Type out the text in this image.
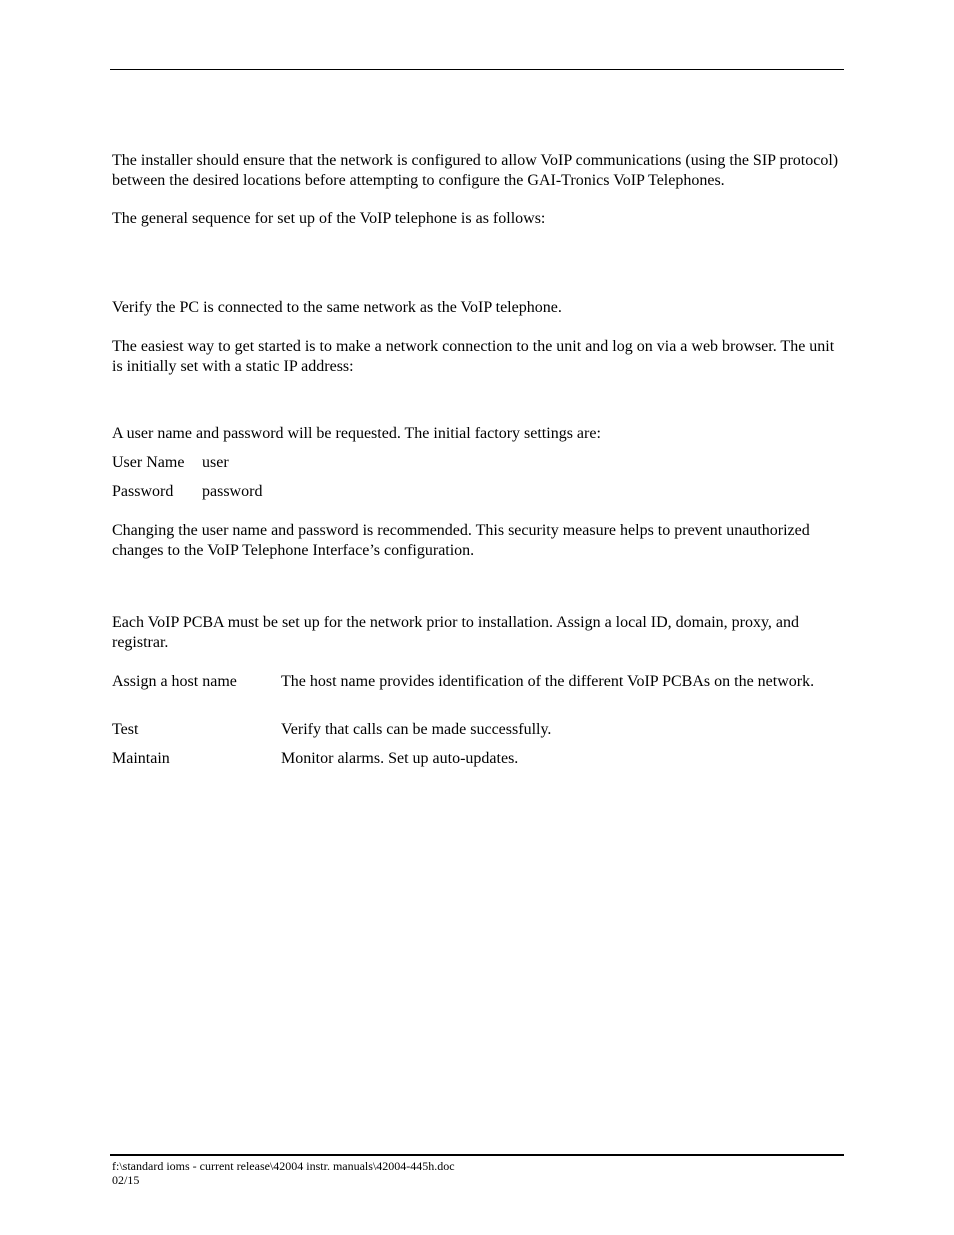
The installer should ensure that the network is configured to allow VoIP communications (using the SIP protocol) between the desired locations before attempting to configure the GAI-Tronics VoIP Telephones.
The general sequence for set up of the VoIP telephone is as follows:
Verify the PC is connected to the same network as the VoIP telephone.
The easiest way to get started is to make a network connection to the unit and log on via a web browser. The unit is initially set with a static IP address:
A user name and password will be requested. The initial factory settings are:
User Name user
Password password
Changing the user name and password is recommended. This security measure helps to prevent unauthorized changes to the VoIP Telephone Interface’s configuration.
Each VoIP PCBA must be set up for the network prior to installation. Assign a local ID, domain, proxy, and registrar.
Assign a host name	The host name provides identification of the different VoIP PCBAs on the network.
Test	Verify that calls can be made successfully.
Maintain	Monitor alarms. Set up auto-updates.
f:\standard ioms - current release\42004 instr. manuals\42004-445h.doc
02/15
